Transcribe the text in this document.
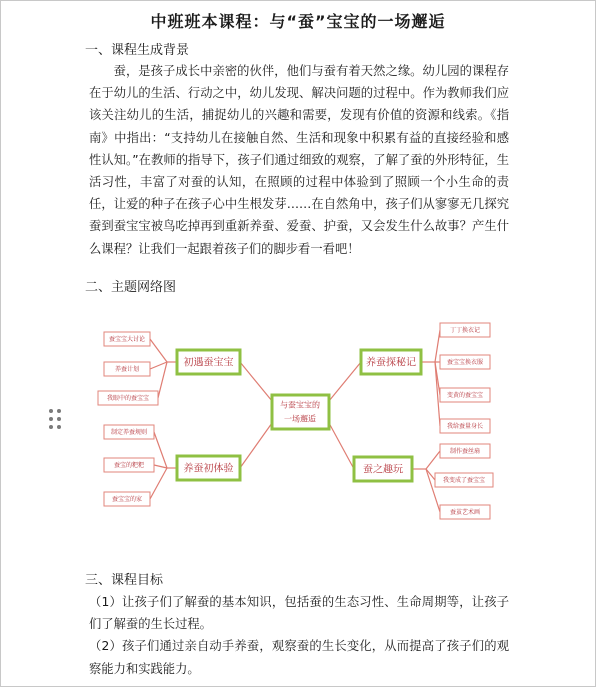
中班班本课程：与“蚕”宝宝的一场邂逅
一、课程生成背景

蚕，是孩子成长中亲密的伙伴，他们与蚕有着天然之缘。幼儿园的课程存在于幼儿的生活、行动之中，幼儿发现、解决问题的过程中。作为教师我们应该关注幼儿的生活，捕捉幼儿的兴趣和需要，发现有价值的资源和线索。《指南》中指出：“支持幼儿在接触自然、生活和现象中积累有益的直接经验和感性认知。”在教师的指导下，孩子们通过细致的观察，了解了蚕的外形特征，生活习性，丰富了对蚕的认知，在照顾的过程中体验到了照顾一个小生命的责任，让爱的种子在孩子心中生根发芽……在自然角中，孩子们从寥寥无几探究蚕到蚕宝宝被鸟吃掉再到重新养蚕、爱蚕、护蚕，又会发生什么故事？产生什么课程？让我们一起跟着孩子们的脚步看一看吧！

二、主题网络图
与蚕宝宝的
一场邂逅
蚕宝宝大讨论
养蚕计划
我眼中的蚕宝宝
初遇蚕宝宝
制定养蚕规则
蚕宝的粑粑
蚕宝宝的家
养蚕初体验
丁丁换衣记
蚕宝宝换衣服
变黄的蚕宝宝
我给蚕量身长
养蚕探秘记
制作蚕丝扇
我变成了蚕宝宝
蚕茧艺术画
蚕之趣玩
三、课程目标

（1）让孩子们了解蚕的基本知识，包括蚕的生态习性、生命周期等，让孩子们了解蚕的生长过程。

（2）孩子们通过亲自动手养蚕，观察蚕的生长变化，从而提高了孩子们的观察能力和实践能力。
